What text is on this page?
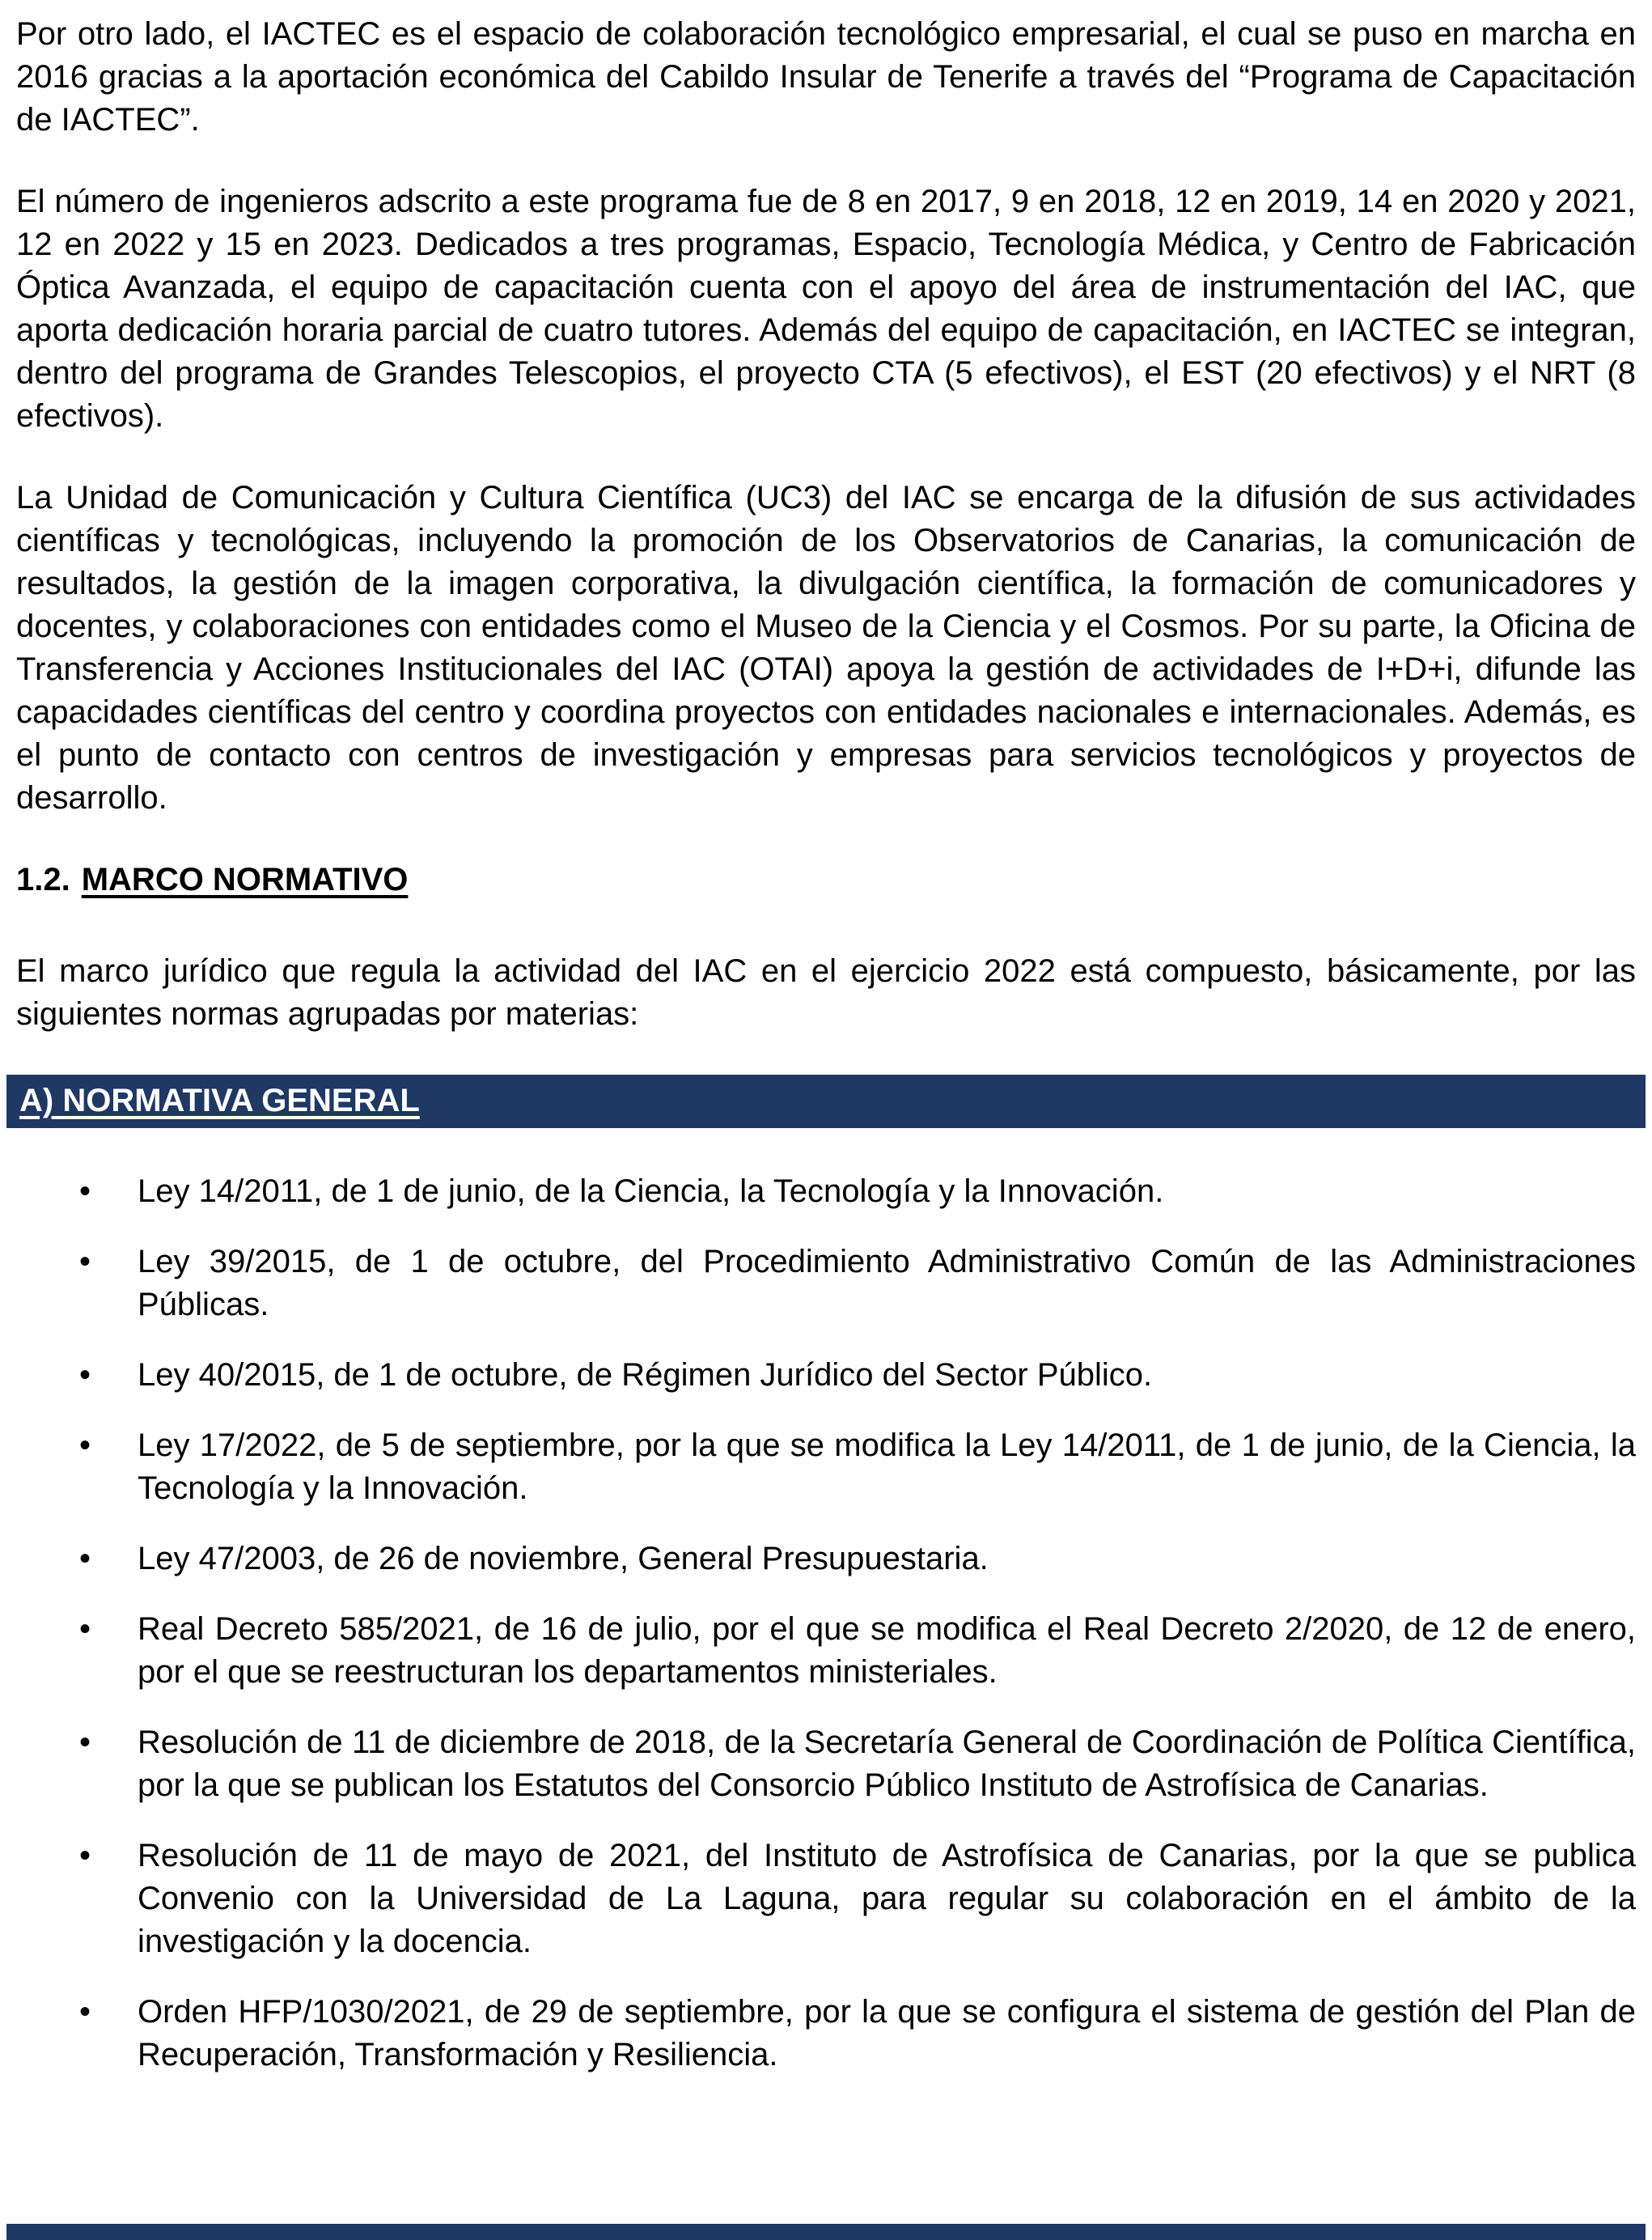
Por otro lado, el IACTEC es el espacio de colaboración tecnológico empresarial, el cual se puso en marcha en 2016 gracias a la aportación económica del Cabildo Insular de Tenerife a través del “Programa de Capacitación de IACTEC”.

El número de ingenieros adscrito a este programa fue de 8 en 2017, 9 en 2018, 12 en 2019, 14 en 2020 y 2021, 12 en 2022 y 15 en 2023. Dedicados a tres programas, Espacio, Tecnología Médica, y Centro de Fabricación Óptica Avanzada, el equipo de capacitación cuenta con el apoyo del área de instrumentación del IAC, que aporta dedicación horaria parcial de cuatro tutores. Además del equipo de capacitación, en IACTEC se integran, dentro del programa de Grandes Telescopios, el proyecto CTA (5 efectivos), el EST (20 efectivos) y el NRT (8 efectivos).

La Unidad de Comunicación y Cultura Científica (UC3) del IAC se encarga de la difusión de sus actividades científicas y tecnológicas, incluyendo la promoción de los Observatorios de Canarias, la comunicación de resultados, la gestión de la imagen corporativa, la divulgación científica, la formación de comunicadores y docentes, y colaboraciones con entidades como el Museo de la Ciencia y el Cosmos. Por su parte, la Oficina de Transferencia y Acciones Institucionales del IAC (OTAI) apoya la gestión de actividades de I+D+i, difunde las capacidades científicas del centro y coordina proyectos con entidades nacionales e internacionales. Además, es el punto de contacto con centros de investigación y empresas para servicios tecnológicos y proyectos de desarrollo.

1.2. MARCO NORMATIVO

El marco jurídico que regula la actividad del IAC en el ejercicio 2022 está compuesto, básicamente, por las siguientes normas agrupadas por materias:

A) NORMATIVA GENERAL
• Ley 14/2011, de 1 de junio, de la Ciencia, la Tecnología y la Innovación.
• Ley 39/2015, de 1 de octubre, del Procedimiento Administrativo Común de las Administraciones Públicas.
• Ley 40/2015, de 1 de octubre, de Régimen Jurídico del Sector Público.
• Ley 17/2022, de 5 de septiembre, por la que se modifica la Ley 14/2011, de 1 de junio, de la Ciencia, la Tecnología y la Innovación.
• Ley 47/2003, de 26 de noviembre, General Presupuestaria.
• Real Decreto 585/2021, de 16 de julio, por el que se modifica el Real Decreto 2/2020, de 12 de enero, por el que se reestructuran los departamentos ministeriales.
• Resolución de 11 de diciembre de 2018, de la Secretaría General de Coordinación de Política Científica, por la que se publican los Estatutos del Consorcio Público Instituto de Astrofísica de Canarias.
• Resolución de 11 de mayo de 2021, del Instituto de Astrofísica de Canarias, por la que se publica Convenio con la Universidad de La Laguna, para regular su colaboración en el ámbito de la investigación y la docencia.
• Orden HFP/1030/2021, de 29 de septiembre, por la que se configura el sistema de gestión del Plan de Recuperación, Transformación y Resiliencia.
